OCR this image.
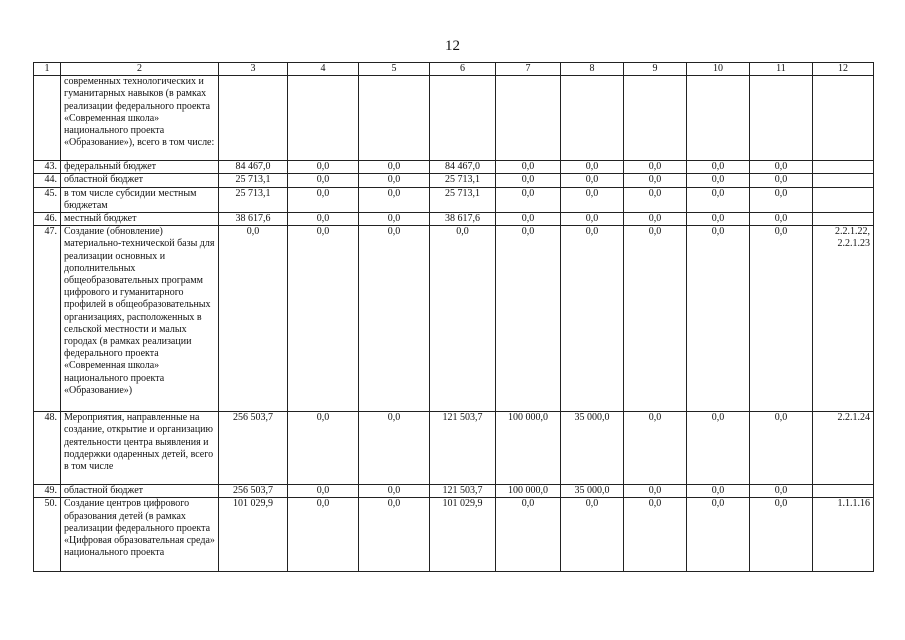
12
1	2	3	4	5	6	7	8	9	10	11	12
	современных технологических и гуманитарных навыков (в рамках реализации федерального проекта «Современная школа» национального проекта «Образование»), всего в том числе:										
43.	федеральный бюджет	84 467,0	0,0	0,0	84 467,0	0,0	0,0	0,0	0,0	0,0	
44.	областной бюджет	25 713,1	0,0	0,0	25 713,1	0,0	0,0	0,0	0,0	0,0	
45.	в том числе субсидии местным бюджетам	25 713,1	0,0	0,0	25 713,1	0,0	0,0	0,0	0,0	0,0	
46.	местный бюджет	38 617,6	0,0	0,0	38 617,6	0,0	0,0	0,0	0,0	0,0	
47.	Создание (обновление) материально-технической базы для реализации основных и дополнительных общеобразовательных программ цифрового и гуманитарного профилей в общеобразовательных организациях, расположенных в сельской местности и малых городах (в рамках реализации федерального проекта «Современная школа» национального проекта «Образование»)	0,0	0,0	0,0	0,0	0,0	0,0	0,0	0,0	0,0	2.2.1.22, 2.2.1.23
48.	Мероприятия, направленные на создание, открытие и организацию деятельности центра выявления и поддержки одаренных детей, всего в том числе	256 503,7	0,0	0,0	121 503,7	100 000,0	35 000,0	0,0	0,0	0,0	2.2.1.24
49.	областной бюджет	256 503,7	0,0	0,0	121 503,7	100 000,0	35 000,0	0,0	0,0	0,0	
50.	Создание центров цифрового образования детей (в рамках реализации федерального проекта «Цифровая образовательная среда» национального проекта	101 029,9	0,0	0,0	101 029,9	0,0	0,0	0,0	0,0	0,0	1.1.1.16
